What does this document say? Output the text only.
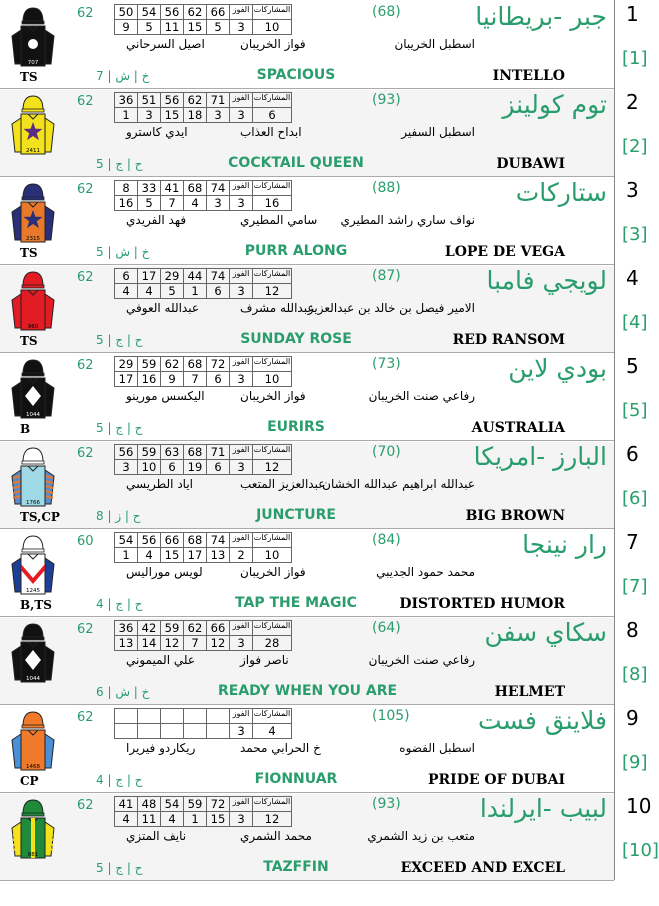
707
TS
62 50	54	56	62	66	الفوز	المشاركات
9	5	11	15	5	3	10
فواز الخريبان
اصيل السرحاني	اسطبل الخريبان
(68)	جبر -بريطانيا 1
[1]
SPACIOUS	INTELLO
خ | ش | 7
2411
62 36	51	56	62	71	الفوز	المشاركات
1	3	15	18	3	3	6
ابداح العذاب
ايدي كاسترو	اسطبل السفير
(93)	توم كولينز 2
[2]
COCKTAIL QUEEN	DUBAWI
ح | ج | 5
2315
TS
62	8	33	41	68	74	الفوز	المشاركات
16	5	7	4	3	3	16
سامي المطيري
فهد الفريدي	نواف ساري راشد المطيري
(88)	ستاركات 3
[3]
PURR ALONG	LOPE DE VEGA
خ | ش | 5
960
TS
62	6	17	29	44	74	الفوز	المشاركات
4	4	5	1	6	3	12
عبدالله مشرف
عبدالله العوفي	الامير فيصل بن خالد بن عبدالعزيز
(87)	لويجي فامبا 4
[4]
SUNDAY ROSE	RED RANSOM
ح | ج | 5
1044
B
62 29	59	62	68	72	الفوز	المشاركات
17	16	9	7	6	3	10
فواز الخريبان
اليكسس مورينو	رفاعي صنت الخريبان
(73)	بودي لاين 5
[5]
EURIRS	AUSTRALIA
ح | ج | 5
1766
TS,CP
62 56	59	63	68	71	الفوز	المشاركات
3	10	6	19	6	3	12
عبدالعزيز المتعب
اياد الطريسي	عبدالله ابراهيم عبدالله الخشان
(70)	البارز -امريكا 6
[6]
JUNCTURE	BIG BROWN
ح | ز | 8
1245
B,TS
60 54	56	66	68	74	الفوز	المشاركات
1	4	15	17	13	2	10
فواز الخريبان
لويس موراليس	محمد حمود الجديبي
(84)	رار نينجا 7
[7]
TAP THE MAGIC	DISTORTED HUMOR
ح | ج | 4
1044
62 36	42	59	62	66	الفوز	المشاركات
13	14	12	7	12	3	28
ناصر فواز
علي الميموني	رفاعي صنت الخريبان
(64)	سكاي سفن 8
[8]
READY WHEN YOU ARE	HELMET
خ | ش | 6
1468
CP
62
						الفوز	المشاركات
					3	4
خ الحرابي محمد
ريكاردو فيريرا	اسطبل الفضوه
(105)	فلاينق فست 9
[9]
FIONNUAR	PRIDE OF DUBAI
ح | ج | 4
881
62 41	48	54	59	72	الفوز	المشاركات
4	11	4	1	15	3	12
محمد الشمري
نايف المتزي	متعب بن زيد الشمري
(93)	لبيب -ايرلندا 10
[10]
TAZFFIN	EXCEED AND EXCEL
ح | ج | 5
